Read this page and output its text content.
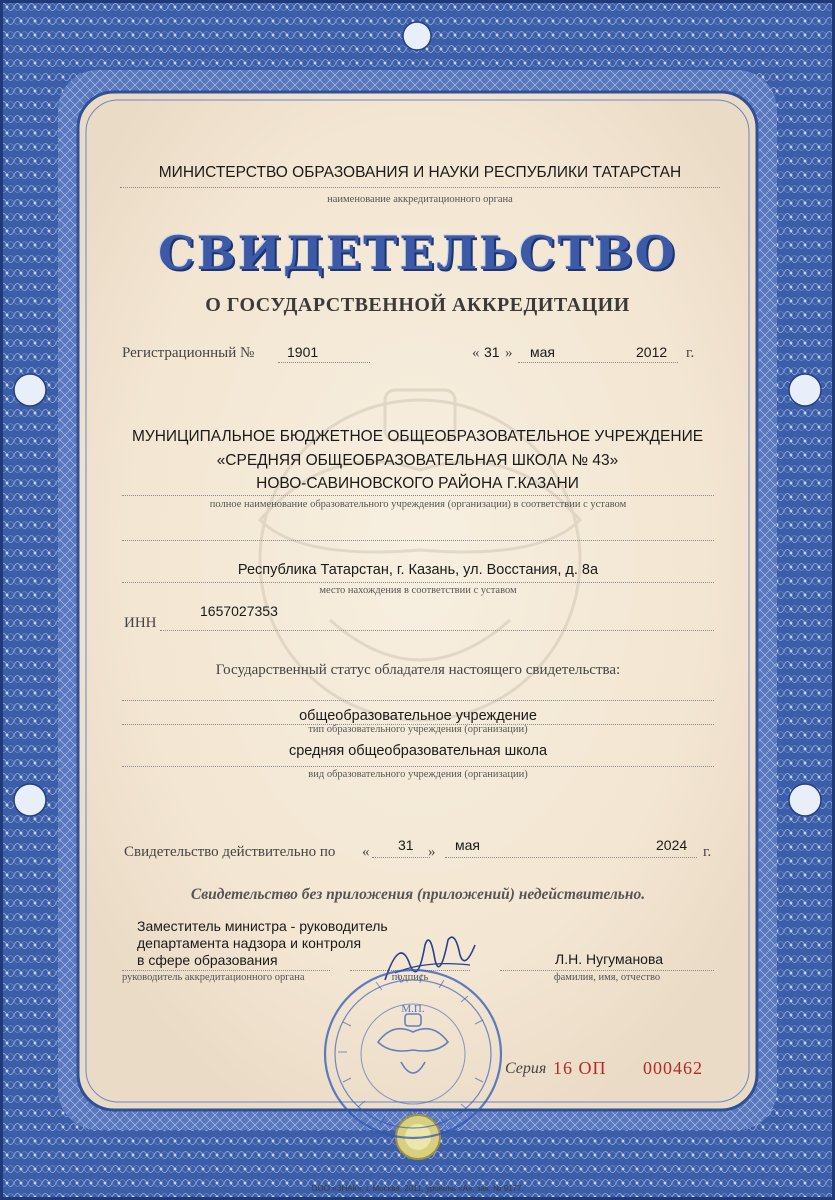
МИНИСТЕРСТВО ОБРАЗОВАНИЯ И НАУКИ РЕСПУБЛИКИ ТАТАРСТАН
наименование аккредитационного органа
СВИДЕТЕЛЬСТВО
О ГОСУДАРСТВЕННОЙ АККРЕДИТАЦИИ
Регистрационный № 1901	« 31 » мая	2012 г.
МУНИЦИПАЛЬНОЕ БЮДЖЕТНОЕ ОБЩЕОБРАЗОВАТЕЛЬНОЕ УЧРЕЖДЕНИЕ
«СРЕДНЯЯ ОБЩЕОБРАЗОВАТЕЛЬНАЯ ШКОЛА № 43»
НОВО-САВИНОВСКОГО РАЙОНА Г.КАЗАНИ
полное наименование образовательного учреждения (организации) в соответствии с уставом
Республика Татарстан, г. Казань, ул. Восстания, д. 8а
место нахождения в соответствии с уставом
1657027353
ИНН
Государственный статус обладателя настоящего свидетельства:
общеобразовательное учреждение
тип образовательного учреждения (организации)
средняя общеобразовательная школа
вид образовательного учреждения (организации)
Свидетельство действительно по « 31 » мая	2024 г.
Свидетельство без приложения (приложений) недействительно.
Заместитель министра - руководитель
департамента надзора и контроля
в сфере образования
руководитель аккредитационного органа	подпись
Л.Н. Нугуманова
фамилия, имя, отчество
М.П.
Серия 16 ОП 000462
ООО «ЗНАК», г. Москва, 2011, уровень «А», зак. № 9177.
